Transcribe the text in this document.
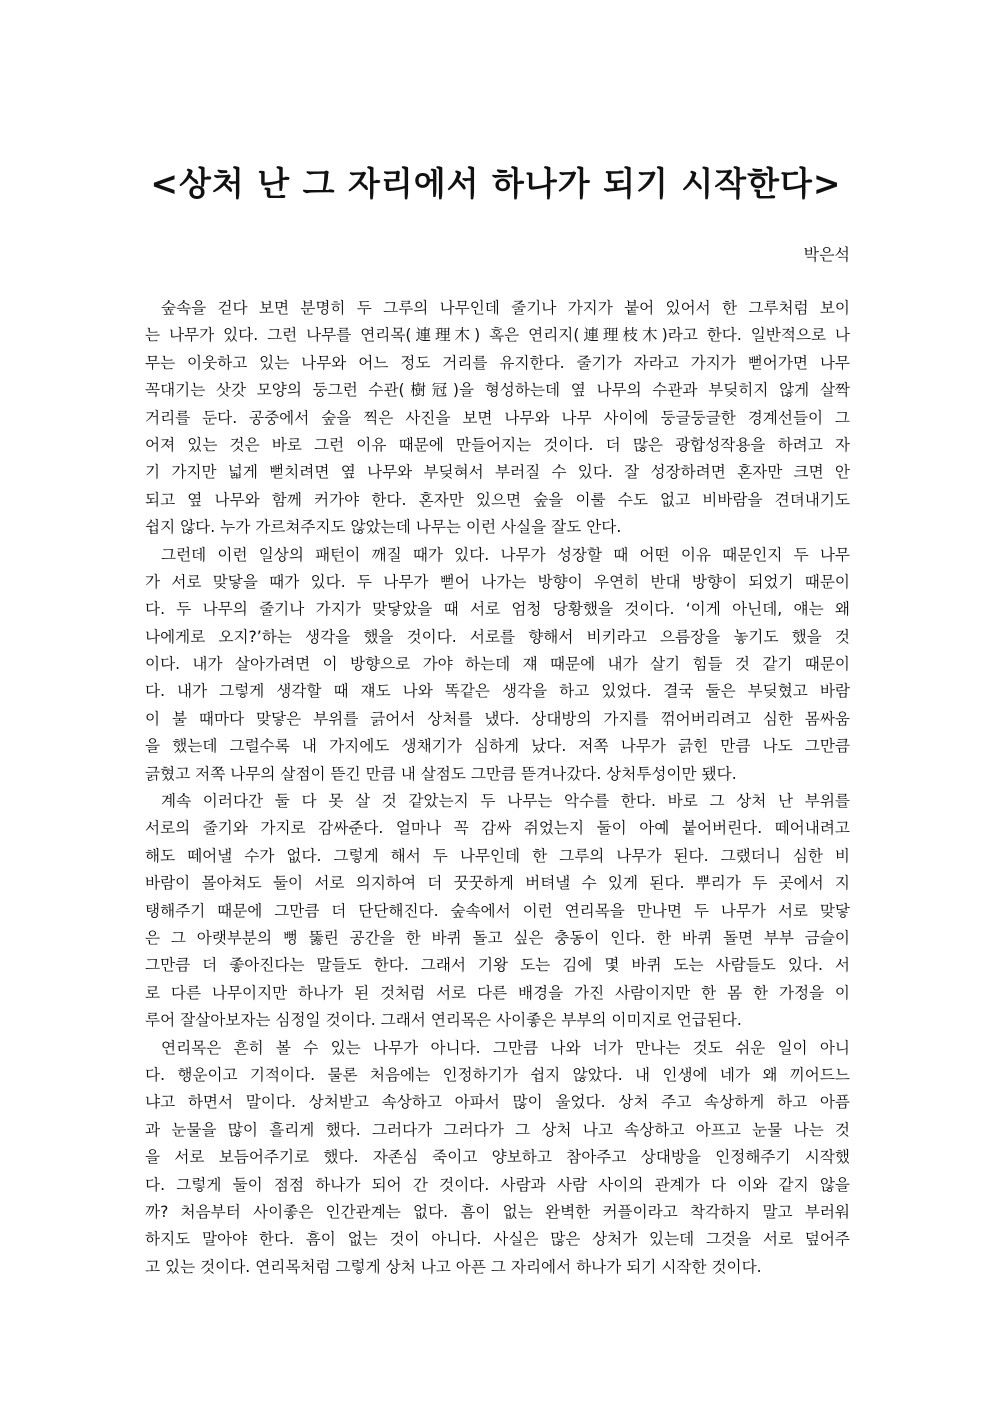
<상처 난 그 자리에서 하나가 되기 시작한다>
박은석
숲속을 걷다 보면 분명히 두 그루의 나무인데 줄기나 가지가 붙어 있어서 한 그루처럼 보이
는 나무가 있다. 그런 나무를 연리목(連理木) 혹은 연리지(連理枝木)라고 한다. 일반적으로 나
무는 이웃하고 있는 나무와 어느 정도 거리를 유지한다. 줄기가 자라고 가지가 뻗어가면 나무
꼭대기는 삿갓 모양의 둥그런 수관(樹冠)을 형성하는데 옆 나무의 수관과 부딪히지 않게 살짝
거리를 둔다. 공중에서 숲을 찍은 사진을 보면 나무와 나무 사이에 둥글둥글한 경계선들이 그
어져 있는 것은 바로 그런 이유 때문에 만들어지는 것이다. 더 많은 광합성작용을 하려고 자
기 가지만 넓게 뻗치려면 옆 나무와 부딪혀서 부러질 수 있다. 잘 성장하려면 혼자만 크면 안
되고 옆 나무와 함께 커가야 한다. 혼자만 있으면 숲을 이룰 수도 없고 비바람을 견뎌내기도
쉽지 않다. 누가 가르쳐주지도 않았는데 나무는 이런 사실을 잘도 안다.
그런데 이런 일상의 패턴이 깨질 때가 있다. 나무가 성장할 때 어떤 이유 때문인지 두 나무
가 서로 맞닿을 때가 있다. 두 나무가 뻗어 나가는 방향이 우연히 반대 방향이 되었기 때문이
다. 두 나무의 줄기나 가지가 맞닿았을 때 서로 엄청 당황했을 것이다. ‘이게 아닌데, 얘는 왜
나에게로 오지?’하는 생각을 했을 것이다. 서로를 향해서 비키라고 으름장을 놓기도 했을 것
이다. 내가 살아가려면 이 방향으로 가야 하는데 쟤 때문에 내가 살기 힘들 것 같기 때문이
다. 내가 그렇게 생각할 때 쟤도 나와 똑같은 생각을 하고 있었다. 결국 둘은 부딪혔고 바람
이 불 때마다 맞닿은 부위를 긁어서 상처를 냈다. 상대방의 가지를 꺾어버리려고 심한 몸싸움
을 했는데 그럴수록 내 가지에도 생채기가 심하게 났다. 저쪽 나무가 긁힌 만큼 나도 그만큼
긁혔고 저쪽 나무의 살점이 뜯긴 만큼 내 살점도 그만큼 뜯겨나갔다. 상처투성이만 됐다.
계속 이러다간 둘 다 못 살 것 같았는지 두 나무는 악수를 한다. 바로 그 상처 난 부위를
서로의 줄기와 가지로 감싸준다. 얼마나 꼭 감싸 쥐었는지 둘이 아예 붙어버린다. 떼어내려고
해도 떼어낼 수가 없다. 그렇게 해서 두 나무인데 한 그루의 나무가 된다. 그랬더니 심한 비
바람이 몰아쳐도 둘이 서로 의지하여 더 꿋꿋하게 버텨낼 수 있게 된다. 뿌리가 두 곳에서 지
탱해주기 때문에 그만큼 더 단단해진다. 숲속에서 이런 연리목을 만나면 두 나무가 서로 맞닿
은 그 아랫부분의 뻥 뚫린 공간을 한 바퀴 돌고 싶은 충동이 인다. 한 바퀴 돌면 부부 금슬이
그만큼 더 좋아진다는 말들도 한다. 그래서 기왕 도는 김에 몇 바퀴 도는 사람들도 있다. 서
로 다른 나무이지만 하나가 된 것처럼 서로 다른 배경을 가진 사람이지만 한 몸 한 가정을 이
루어 잘살아보자는 심정일 것이다. 그래서 연리목은 사이좋은 부부의 이미지로 언급된다.
연리목은 흔히 볼 수 있는 나무가 아니다. 그만큼 나와 너가 만나는 것도 쉬운 일이 아니
다. 행운이고 기적이다. 물론 처음에는 인정하기가 쉽지 않았다. 내 인생에 네가 왜 끼어드느
냐고 하면서 말이다. 상처받고 속상하고 아파서 많이 울었다. 상처 주고 속상하게 하고 아픔
과 눈물을 많이 흘리게 했다. 그러다가 그러다가 그 상처 나고 속상하고 아프고 눈물 나는 것
을 서로 보듬어주기로 했다. 자존심 죽이고 양보하고 참아주고 상대방을 인정해주기 시작했
다. 그렇게 둘이 점점 하나가 되어 간 것이다. 사람과 사람 사이의 관계가 다 이와 같지 않을
까? 처음부터 사이좋은 인간관계는 없다. 흠이 없는 완벽한 커플이라고 착각하지 말고 부러워
하지도 말아야 한다. 흠이 없는 것이 아니다. 사실은 많은 상처가 있는데 그것을 서로 덮어주
고 있는 것이다. 연리목처럼 그렇게 상처 나고 아픈 그 자리에서 하나가 되기 시작한 것이다.
